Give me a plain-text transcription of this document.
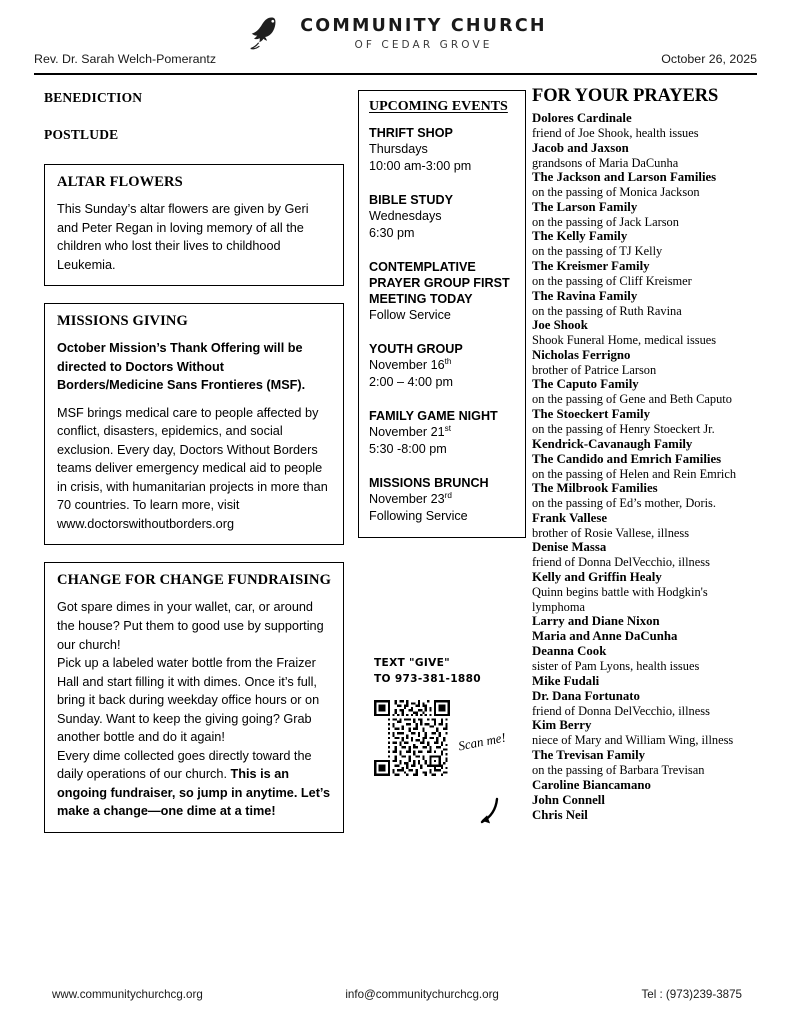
COMMUNITY CHURCH
OF CEDAR GROVE
Rev. Dr. Sarah Welch-Pomerantz	October 26, 2025
BENEDICTION
POSTLUDE
ALTAR FLOWERS

This Sunday’s altar flowers are given by Geri and Peter Regan in loving memory of all the children who lost their lives to childhood Leukemia.

MISSIONS GIVING

October Mission’s Thank Offering will be directed to Doctors Without Borders/Medicine Sans Frontieres (MSF).

MSF brings medical care to people affected by conflict, disasters, epidemics, and social exclusion. Every day, Doctors Without Borders teams deliver emergency medical aid to people in crisis, with humanitarian projects in more than 70 countries. To learn more, visit www.doctorswithoutborders.org

CHANGE FOR CHANGE FUNDRAISING

Got spare dimes in your wallet, car, or around the house? Put them to good use by supporting our church!

Pick up a labeled water bottle from the Fraizer Hall and start filling it with dimes. Once it’s full, bring it back during weekday office hours or on Sunday. Want to keep the giving going? Grab another bottle and do it again!

Every dime collected goes directly toward the daily operations of our church. This is an ongoing fundraiser, so jump in anytime. Let’s make a change—one dime at a time!

UPCOMING EVENTS
THRIFT SHOP
Thursdays
10:00 am-3:00 pm
BIBLE STUDY
Wednesdays
6:30 pm
CONTEMPLATIVE PRAYER GROUP FIRST MEETING TODAY
Follow Service
YOUTH GROUP
November 16th
2:00 – 4:00 pm
FAMILY GAME NIGHT
November 21st
5:30 -8:00 pm
MISSIONS BRUNCH
November 23rd
Following Service
TEXT "GIVE"
TO 973-381-1880
Scan me!
FOR YOUR PRAYERS
Dolores Cardinale
friend of Joe Shook, health issues
Jacob and Jaxson
grandsons of Maria DaCunha
The Jackson and Larson Families
on the passing of Monica Jackson
The Larson Family
on the passing of Jack Larson
The Kelly Family
on the passing of TJ Kelly
The Kreismer Family
on the passing of Cliff Kreismer
The Ravina Family
on the passing of Ruth Ravina
Joe Shook
Shook Funeral Home, medical issues
Nicholas Ferrigno
brother of Patrice Larson
The Caputo Family
on the passing of Gene and Beth Caputo
The Stoeckert Family
on the passing of Henry Stoeckert Jr.
Kendrick-Cavanaugh Family
The Candido and Emrich Families
on the passing of Helen and Rein Emrich
The Milbrook Families
on the passing of Ed’s mother, Doris.
Frank Vallese
brother of Rosie Vallese, illness
Denise Massa
friend of Donna DelVecchio, illness
Kelly and Griffin Healy
Quinn begins battle with Hodgkin's lymphoma
Larry and Diane Nixon
Maria and Anne DaCunha
Deanna Cook
sister of Pam Lyons, health issues
Mike Fudali
Dr. Dana Fortunato
friend of Donna DelVecchio, illness
Kim Berry
niece of Mary and William Wing, illness
The Trevisan Family
on the passing of Barbara Trevisan
Caroline Biancamano
John Connell
Chris Neil
www.communitychurchcg.org	info@communitychurchcg.org	Tel : (973)239-3875
